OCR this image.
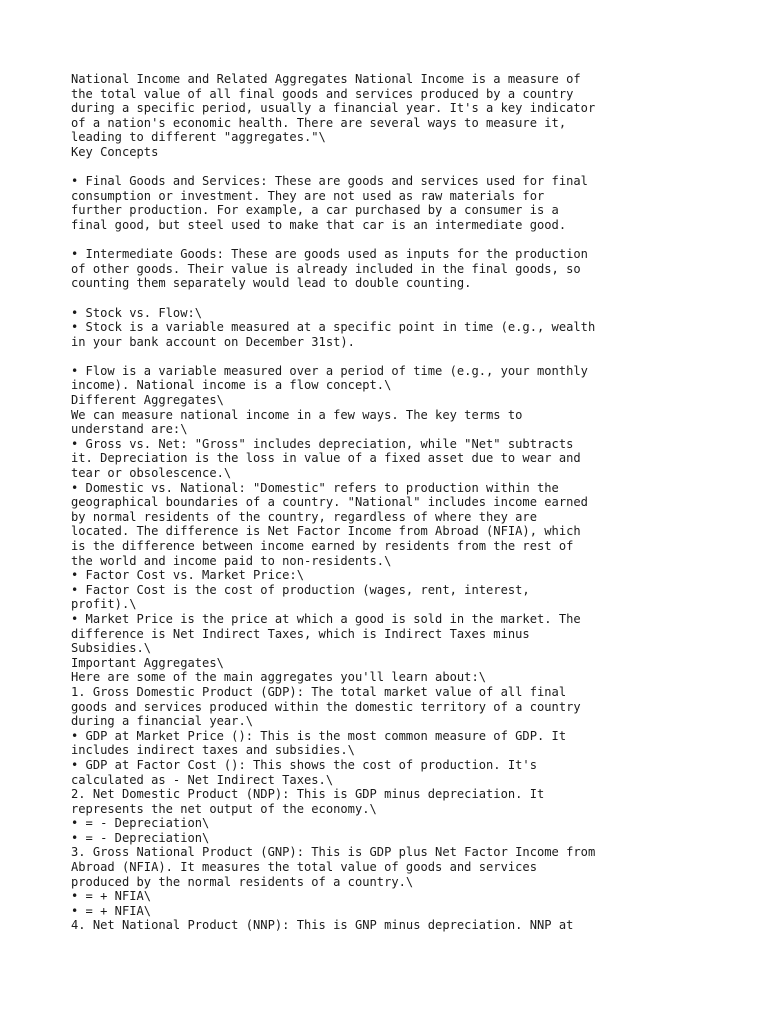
National Income and Related Aggregates National Income is a measure of
the total value of all final goods and services produced by a country
during a specific period, usually a financial year. It's a key indicator
of a nation's economic health. There are several ways to measure it,
leading to different "aggregates."\
Key Concepts
• Final Goods and Services: These are goods and services used for final
consumption or investment. They are not used as raw materials for
further production. For example, a car purchased by a consumer is a
final good, but steel used to make that car is an intermediate good.
• Intermediate Goods: These are goods used as inputs for the production
of other goods. Their value is already included in the final goods, so
counting them separately would lead to double counting.
• Stock vs. Flow:\
• Stock is a variable measured at a specific point in time (e.g., wealth
in your bank account on December 31st).
• Flow is a variable measured over a period of time (e.g., your monthly
income). National income is a flow concept.\
Different Aggregates\
We can measure national income in a few ways. The key terms to
understand are:\
• Gross vs. Net: "Gross" includes depreciation, while "Net" subtracts
it. Depreciation is the loss in value of a fixed asset due to wear and
tear or obsolescence.\
• Domestic vs. National: "Domestic" refers to production within the
geographical boundaries of a country. "National" includes income earned
by normal residents of the country, regardless of where they are
located. The difference is Net Factor Income from Abroad (NFIA), which
is the difference between income earned by residents from the rest of
the world and income paid to non-residents.\
• Factor Cost vs. Market Price:\
• Factor Cost is the cost of production (wages, rent, interest,
profit).\
• Market Price is the price at which a good is sold in the market. The
difference is Net Indirect Taxes, which is Indirect Taxes minus
Subsidies.\
Important Aggregates\
Here are some of the main aggregates you'll learn about:\
1. Gross Domestic Product (GDP): The total market value of all final
goods and services produced within the domestic territory of a country
during a financial year.\
• GDP at Market Price (): This is the most common measure of GDP. It
includes indirect taxes and subsidies.\
• GDP at Factor Cost (): This shows the cost of production. It's
calculated as - Net Indirect Taxes.\
2. Net Domestic Product (NDP): This is GDP minus depreciation. It
represents the net output of the economy.\
• = - Depreciation\
• = - Depreciation\
3. Gross National Product (GNP): This is GDP plus Net Factor Income from
Abroad (NFIA). It measures the total value of goods and services
produced by the normal residents of a country.\
• = + NFIA\
• = + NFIA\
4. Net National Product (NNP): This is GNP minus depreciation. NNP at
